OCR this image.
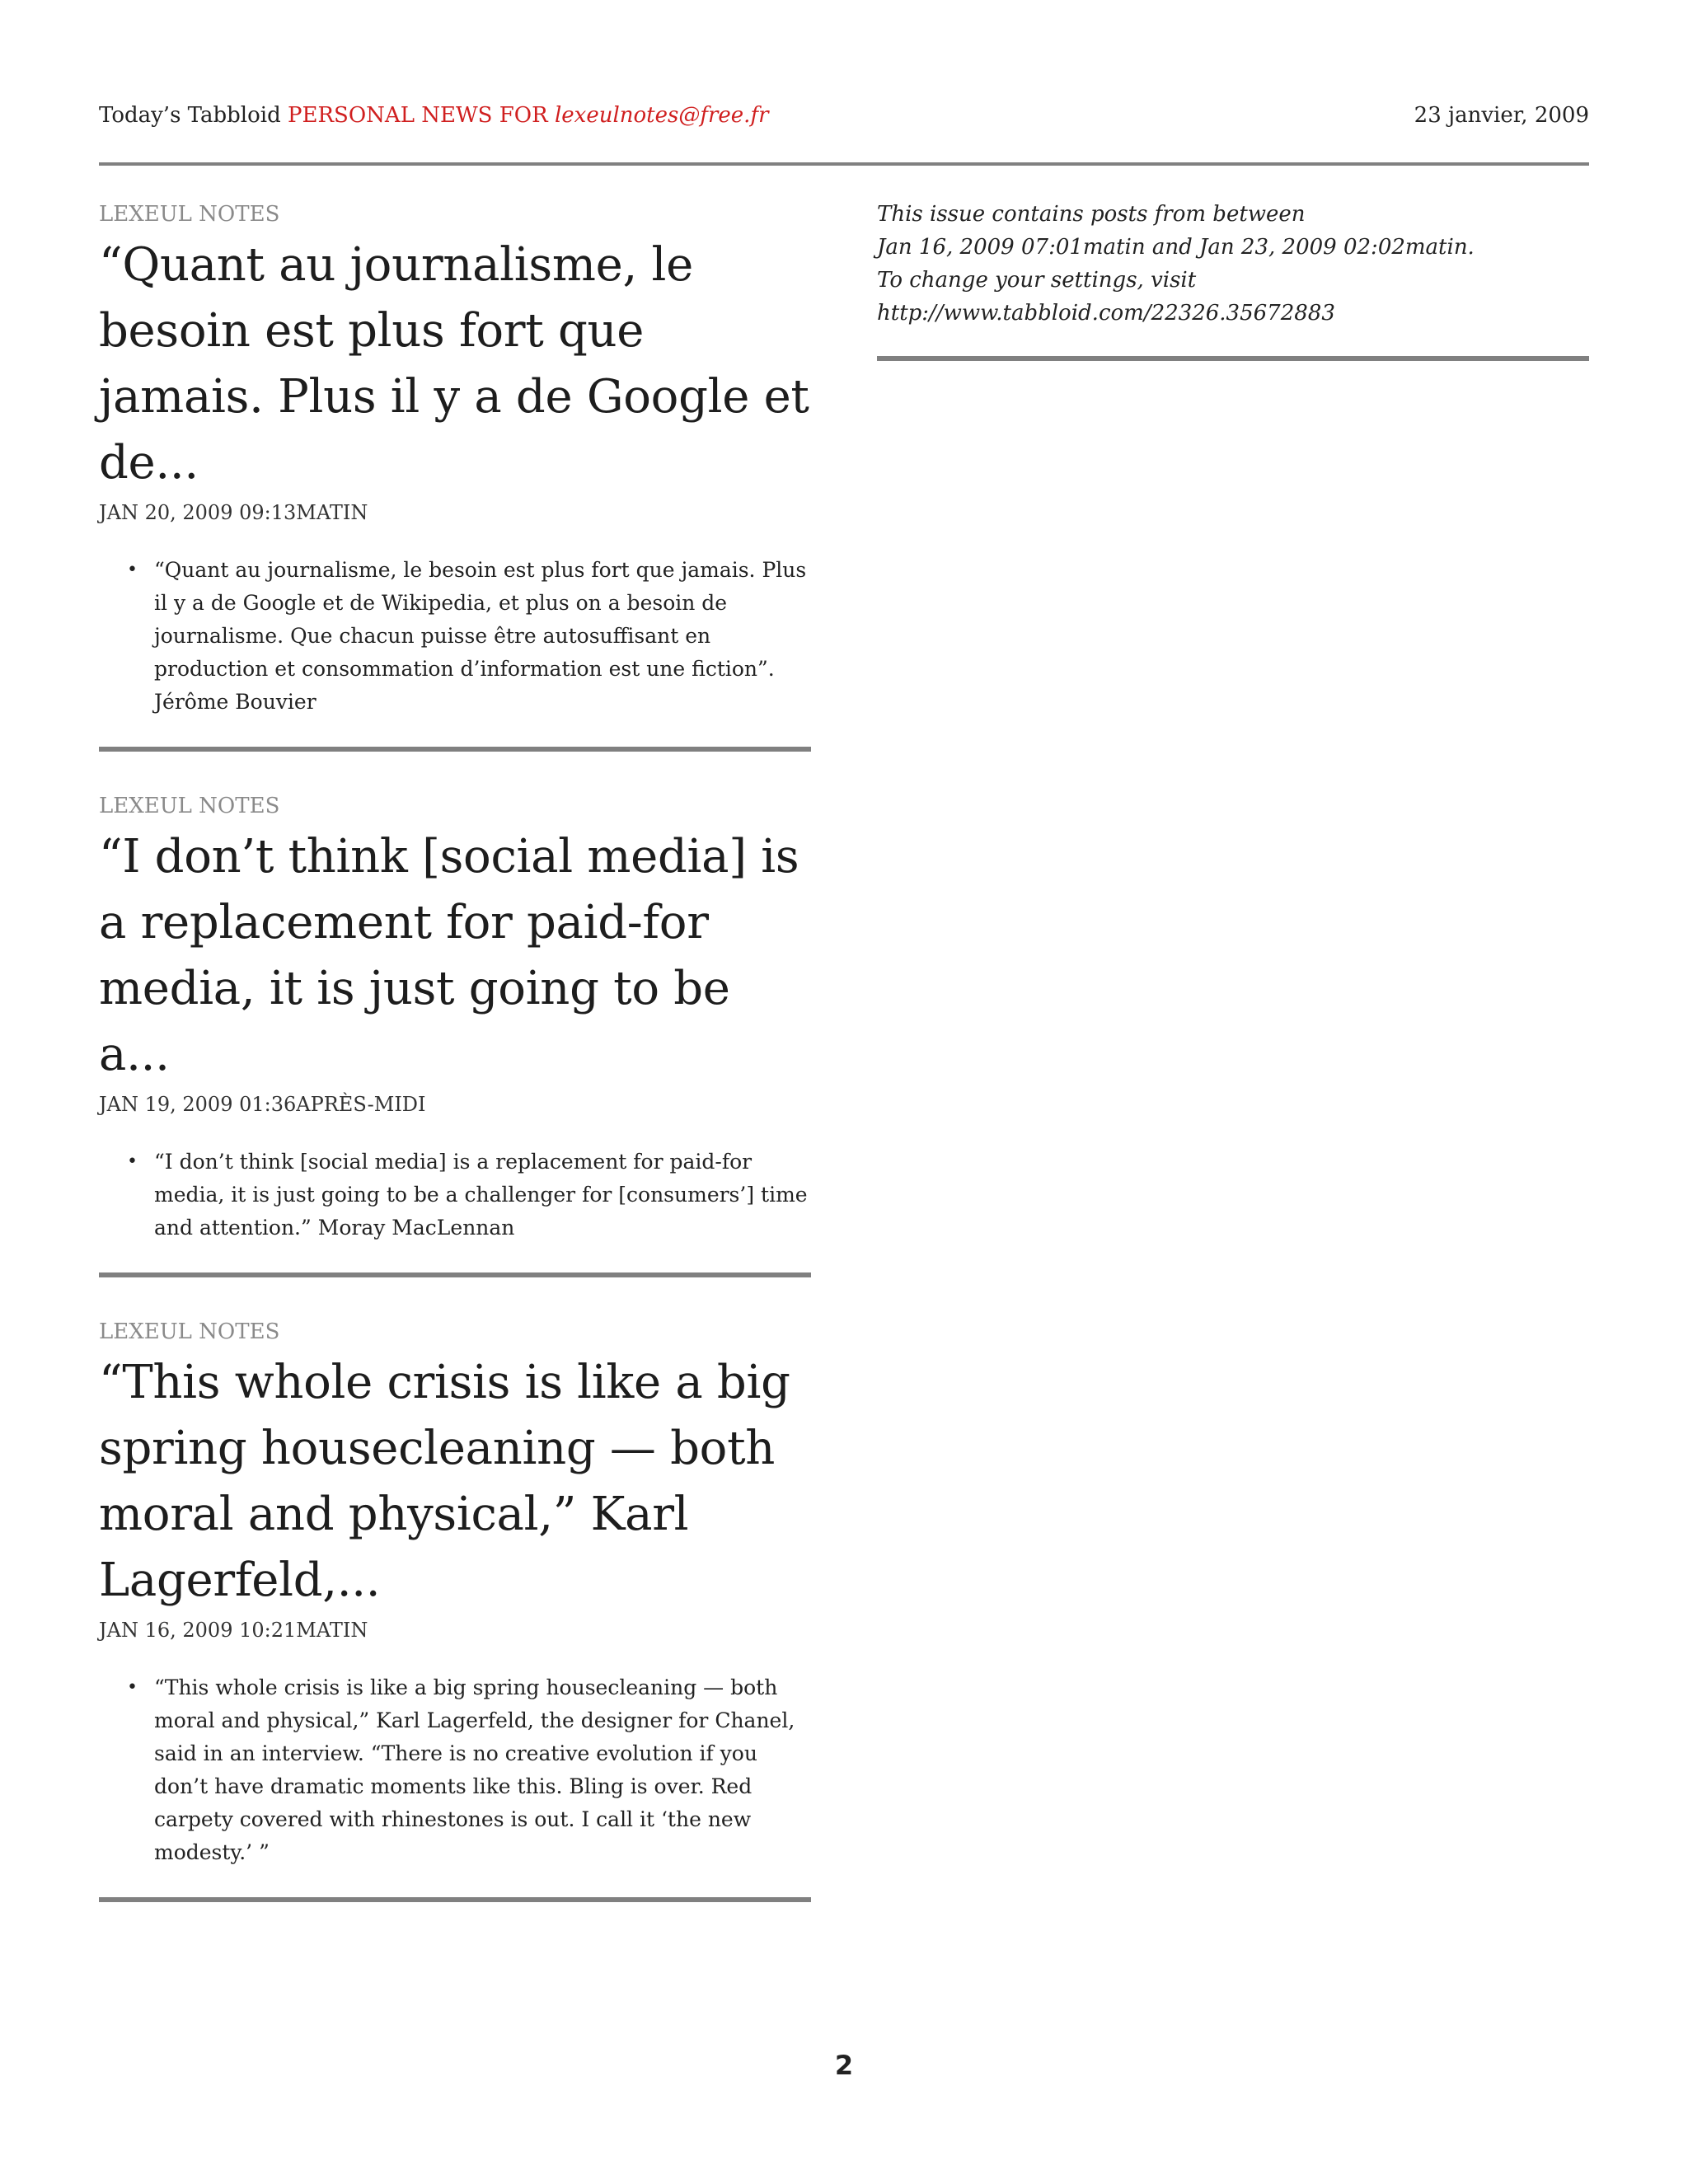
Today’s Tabbloid PERSONAL NEWS FOR lexeulnotes@free.fr	23 janvier, 2009

LEXEUL NOTES

“Quant au journalisme, le besoin est plus fort que jamais. Plus il y a de Google et de...

JAN 20, 2009 09:13MATIN

• “Quant au journalisme, le besoin est plus fort que jamais. Plus il y a de Google et de Wikipedia, et plus on a besoin de journalisme. Que chacun puisse être autosuffisant en production et consommation d’information est une fiction”. Jérôme Bouvier

LEXEUL NOTES

“I don’t think [social media] is a replacement for paid-for media, it is just going to be a...

JAN 19, 2009 01:36APRÈS-MIDI

• “I don’t think [social media] is a replacement for paid-for media, it is just going to be a challenger for [consumers’] time and attention.” Moray MacLennan

LEXEUL NOTES

“This whole crisis is like a big spring housecleaning — both moral and physical,” Karl Lagerfeld,...

JAN 16, 2009 10:21MATIN

• “This whole crisis is like a big spring housecleaning — both moral and physical,” Karl Lagerfeld, the designer for Chanel, said in an interview. “There is no creative evolution if you don’t have dramatic moments like this. Bling is over. Red carpety covered with rhinestones is out. I call it ‘the new modesty.’ ”

This issue contains posts from between
Jan 16, 2009 07:01matin and Jan 23, 2009 02:02matin.
To change your settings, visit
http://www.tabbloid.com/22326.35672883

2
